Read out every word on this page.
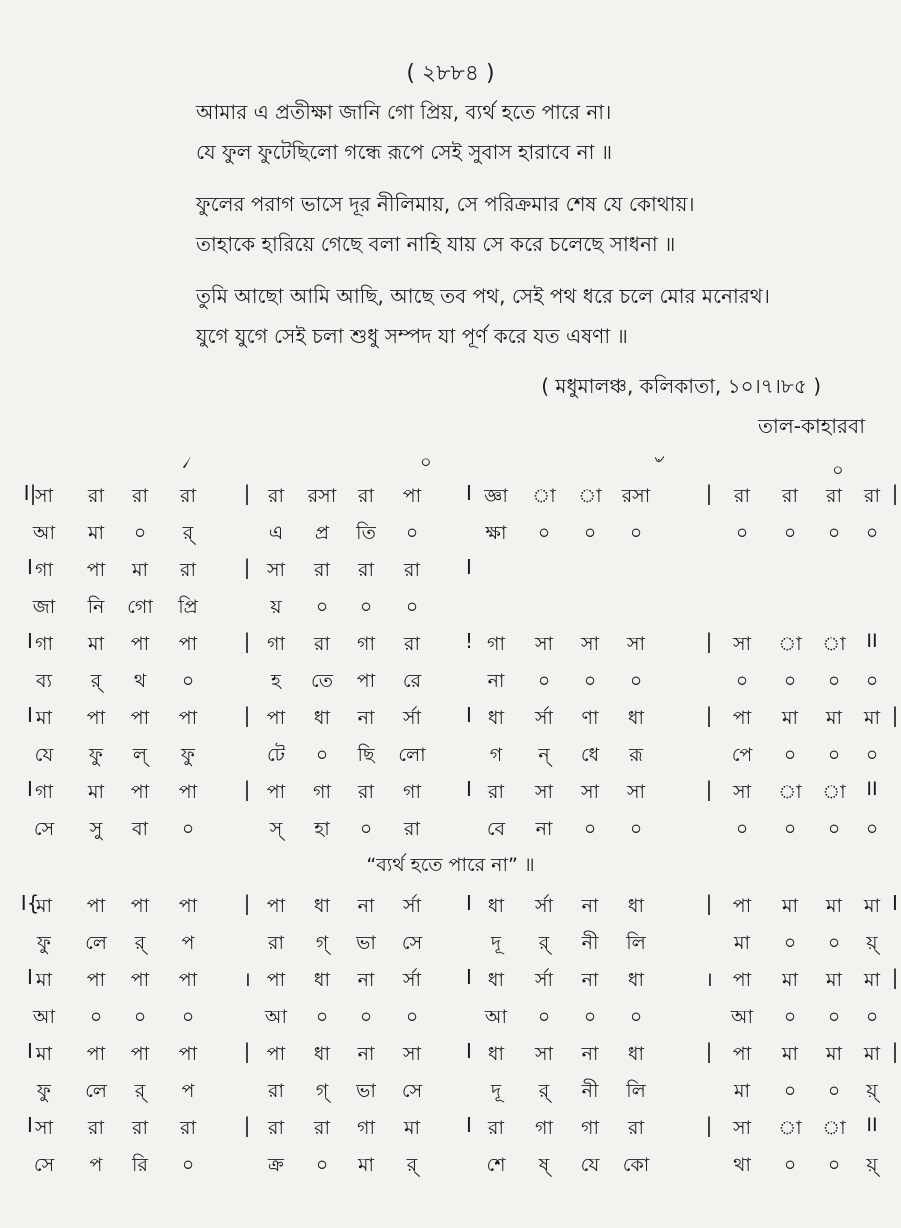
( ২৮৮৪ )
আমার এ প্রতীক্ষা জানি গো প্রিয়, ব্যর্থ হতে পারে না।
যে ফুল ফুটেছিলো গন্ধে রূপে সেই সুবাস হারাবে না ॥
ফুলের পরাগ ভাসে দূর নীলিমায়, সে পরিক্রমার শেষ যে কোথায়।
তাহাকে হারিয়ে গেছে বলা নাহি যায় সে করে চলেছে সাধনা ॥
তুমি আছো আমি আছি, আছে তব পথ, সেই পথ ধরে চলে মোর মনোরথ।
যুগে যুগে সেই চলা শুধু সম্পদ যা পূর্ণ করে যত এষণা ॥
( মধুমালঞ্চ, কলিকাতা, ১০।৭।৮৫ )
তাল-কাহারবা
৴	০	৺	০
I|
সা	রা	রা	রা	| রা	রসা	রা	পা	I জ্ঞা	া	া	রসা	|	রা	রা	রা	রা |
আ	মা	০	র্	এ	প্র	তি	০	ক্ষা	০	০	০	০	০	০	০
I গা	পা	মা	রা	| সা	রা	রা	রা	I
জা	নি	গো	প্রি	য়	০	০	০
I গা	মা	পা	পা	| গা	রা	গা	রা	! গা	সা	সা	সা	|	সা	া	া	II
ব্য	র্	থ	০	হ	তে	পা	রে	না	০	০	০	০	০	০	০
I মা	পা	পা	পা	| পা	ধা	না	র্সা	I ধা	র্সা	ণা	ধা	|	পা	মা	মা	মা |
যে	ফু	ল্	ফু	টে	০	ছি	লো	গ	ন্	ধে	রূ	পে	০	০	০
I গা	মা	পা	পা	| পা	গা	রা	গা	I রা	সা	সা	সা	|	সা	া	া	II
সে	সু	বা	০	স্	হা	০	রা	বে	না	০	০	০	০	০	০
“ব্যর্থ হতে পারে না” ॥
I{
মা	পা	পা	পা	| পা	ধা	না	র্সা	I ধা	র্সা	না	ধা	|	পা	মা	মা	মা I
ফু	লে	র্	প	রা	গ্	ভা	সে	দূ	র্	নী	লি	মা	০	০	য়্
I মা	পা	পা	পা	। পা	ধা	না	র্সা	I ধা	র্সা	না	ধা	।	পা	মা	মা	মা |
আ	০	০	০	আ	০	০	০	আ	০	০	০	আ	০	০	০
I মা	পা	পা	পা	| পা	ধা	না	সা	I ধা	সা	না	ধা	|	পা	মা	মা	মা |
ফু	লে	র্	প	রা	গ্	ভা	সে	দূ	র্	নী	লি	মা	০	০	য়্
I সা	রা	রা	রা	| রা	রা	গা	মা	I রা	গা	গা	রা	|	সা	া	া	II
সে	প	রি	০	ক্র	০	মা	র্	শে	ষ্	যে	কো	থা	০	০	য়্
